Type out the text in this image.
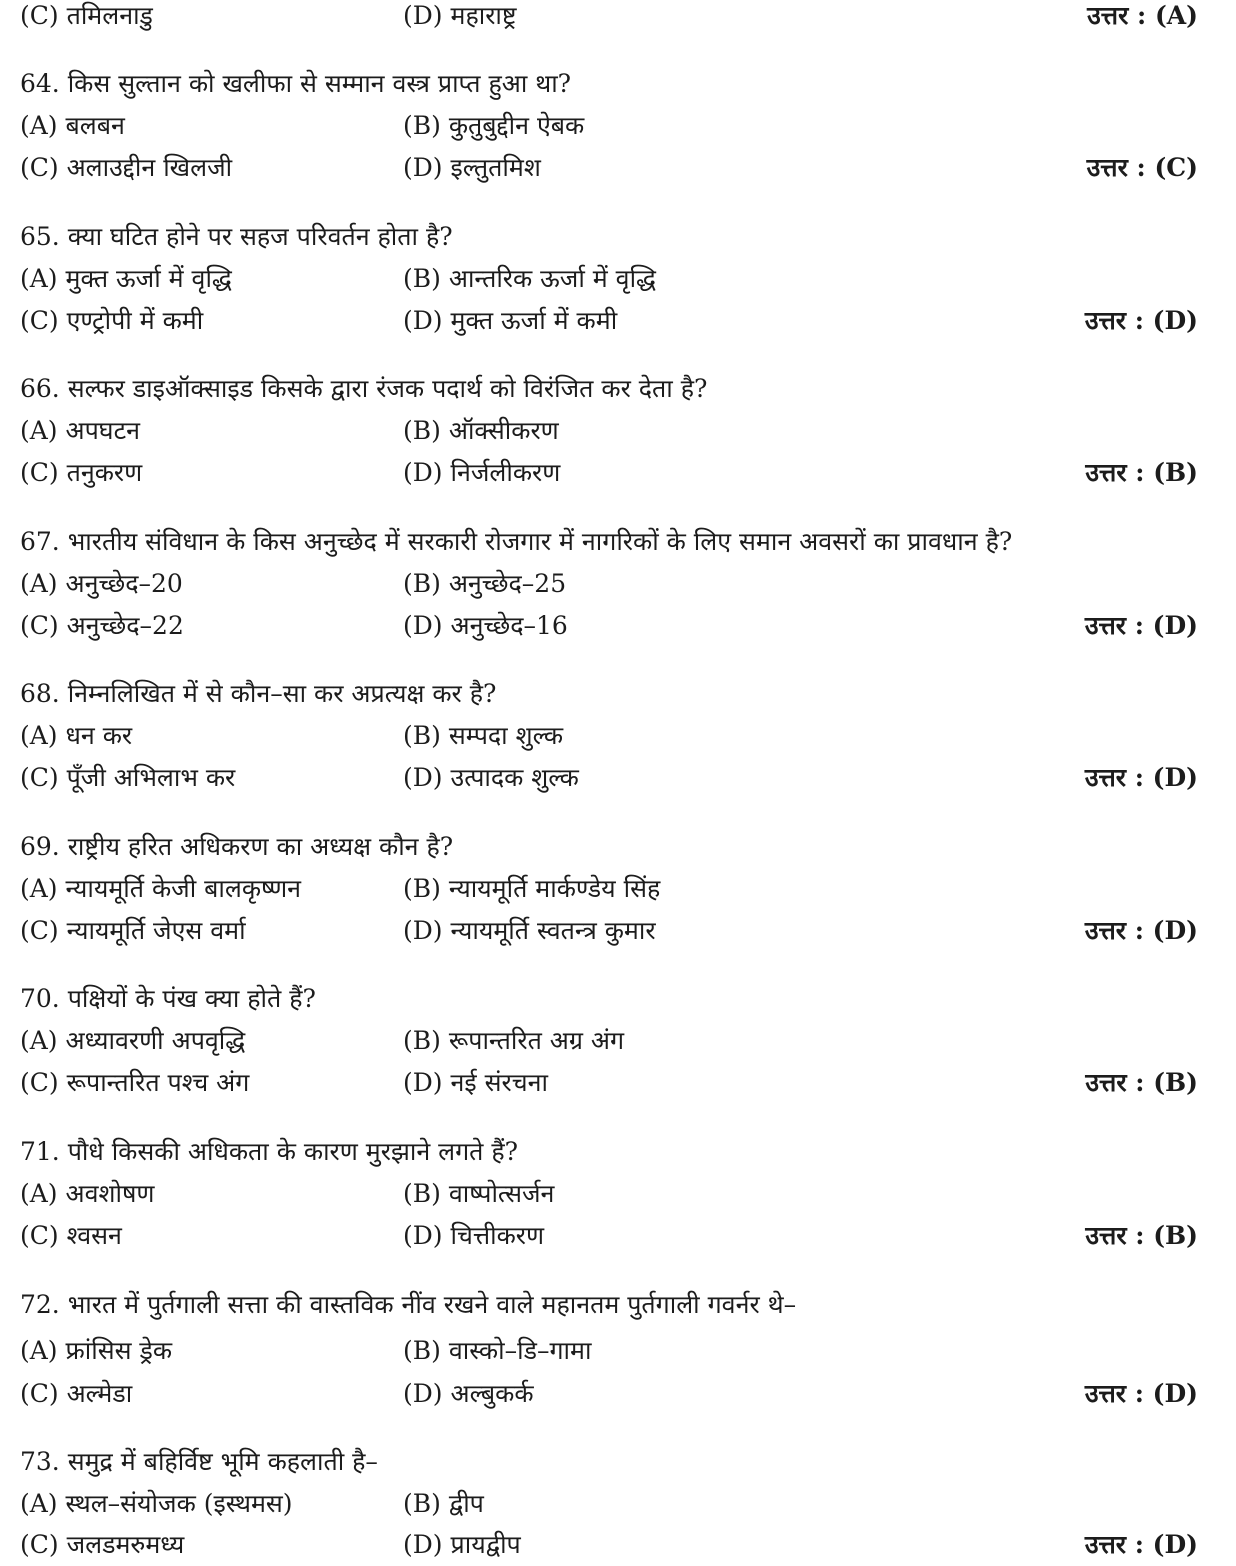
(C) तमिलनाडु	(D) महाराष्ट्र	उत्तर : (A)
64. किस सुल्तान को खलीफा से सम्मान वस्त्र प्राप्त हुआ था?
(A) बलबन	(B) कुतुबुद्दीन ऐबक
(C) अलाउद्दीन खिलजी	(D) इल्तुतमिश	उत्तर : (C)
65. क्या घटित होने पर सहज परिवर्तन होता है?
(A) मुक्त ऊर्जा में वृद्धि	(B) आन्तरिक ऊर्जा में वृद्धि
(C) एण्ट्रोपी में कमी	(D) मुक्त ऊर्जा में कमी	उत्तर : (D)
66. सल्फर डाइऑक्साइड किसके द्वारा रंजक पदार्थ को विरंजित कर देता है?
(A) अपघटन	(B) ऑक्सीकरण
(C) तनुकरण	(D) निर्जलीकरण	उत्तर : (B)
67. भारतीय संविधान के किस अनुच्छेद में सरकारी रोजगार में नागरिकों के लिए समान अवसरों का प्रावधान है?
(A) अनुच्छेद–20	(B) अनुच्छेद–25
(C) अनुच्छेद–22	(D) अनुच्छेद–16	उत्तर : (D)
68. निम्नलिखित में से कौन–सा कर अप्रत्यक्ष कर है?
(A) धन कर	(B) सम्पदा शुल्क
(C) पूँजी अभिलाभ कर	(D) उत्पादक शुल्क	उत्तर : (D)
69. राष्ट्रीय हरित अधिकरण का अध्यक्ष कौन है?
(A) न्यायमूर्ति केजी बालकृष्णन	(B) न्यायमूर्ति मार्कण्डेय सिंह
(C) न्यायमूर्ति जेएस वर्मा	(D) न्यायमूर्ति स्वतन्त्र कुमार	उत्तर : (D)
70. पक्षियों के पंख क्या होते हैं?
(A) अध्यावरणी अपवृद्धि	(B) रूपान्तरित अग्र अंग
(C) रूपान्तरित पश्च अंग	(D) नई संरचना	उत्तर : (B)
71. पौधे किसकी अधिकता के कारण मुरझाने लगते हैं?
(A) अवशोषण	(B) वाष्पोत्सर्जन
(C) श्वसन	(D) चित्तीकरण	उत्तर : (B)
72. भारत में पुर्तगाली सत्ता की वास्तविक नींव रखने वाले महानतम पुर्तगाली गवर्नर थे–
(A) फ्रांसिस ड्रेक	(B) वास्को–डि–गामा
(C) अल्मेडा	(D) अल्बुकर्क	उत्तर : (D)
73. समुद्र में बहिर्विष्ट भूमि कहलाती है–
(A) स्थल–संयोजक (इस्थमस)	(B) द्वीप
(C) जलडमरुमध्य	(D) प्रायद्वीप	उत्तर : (D)
